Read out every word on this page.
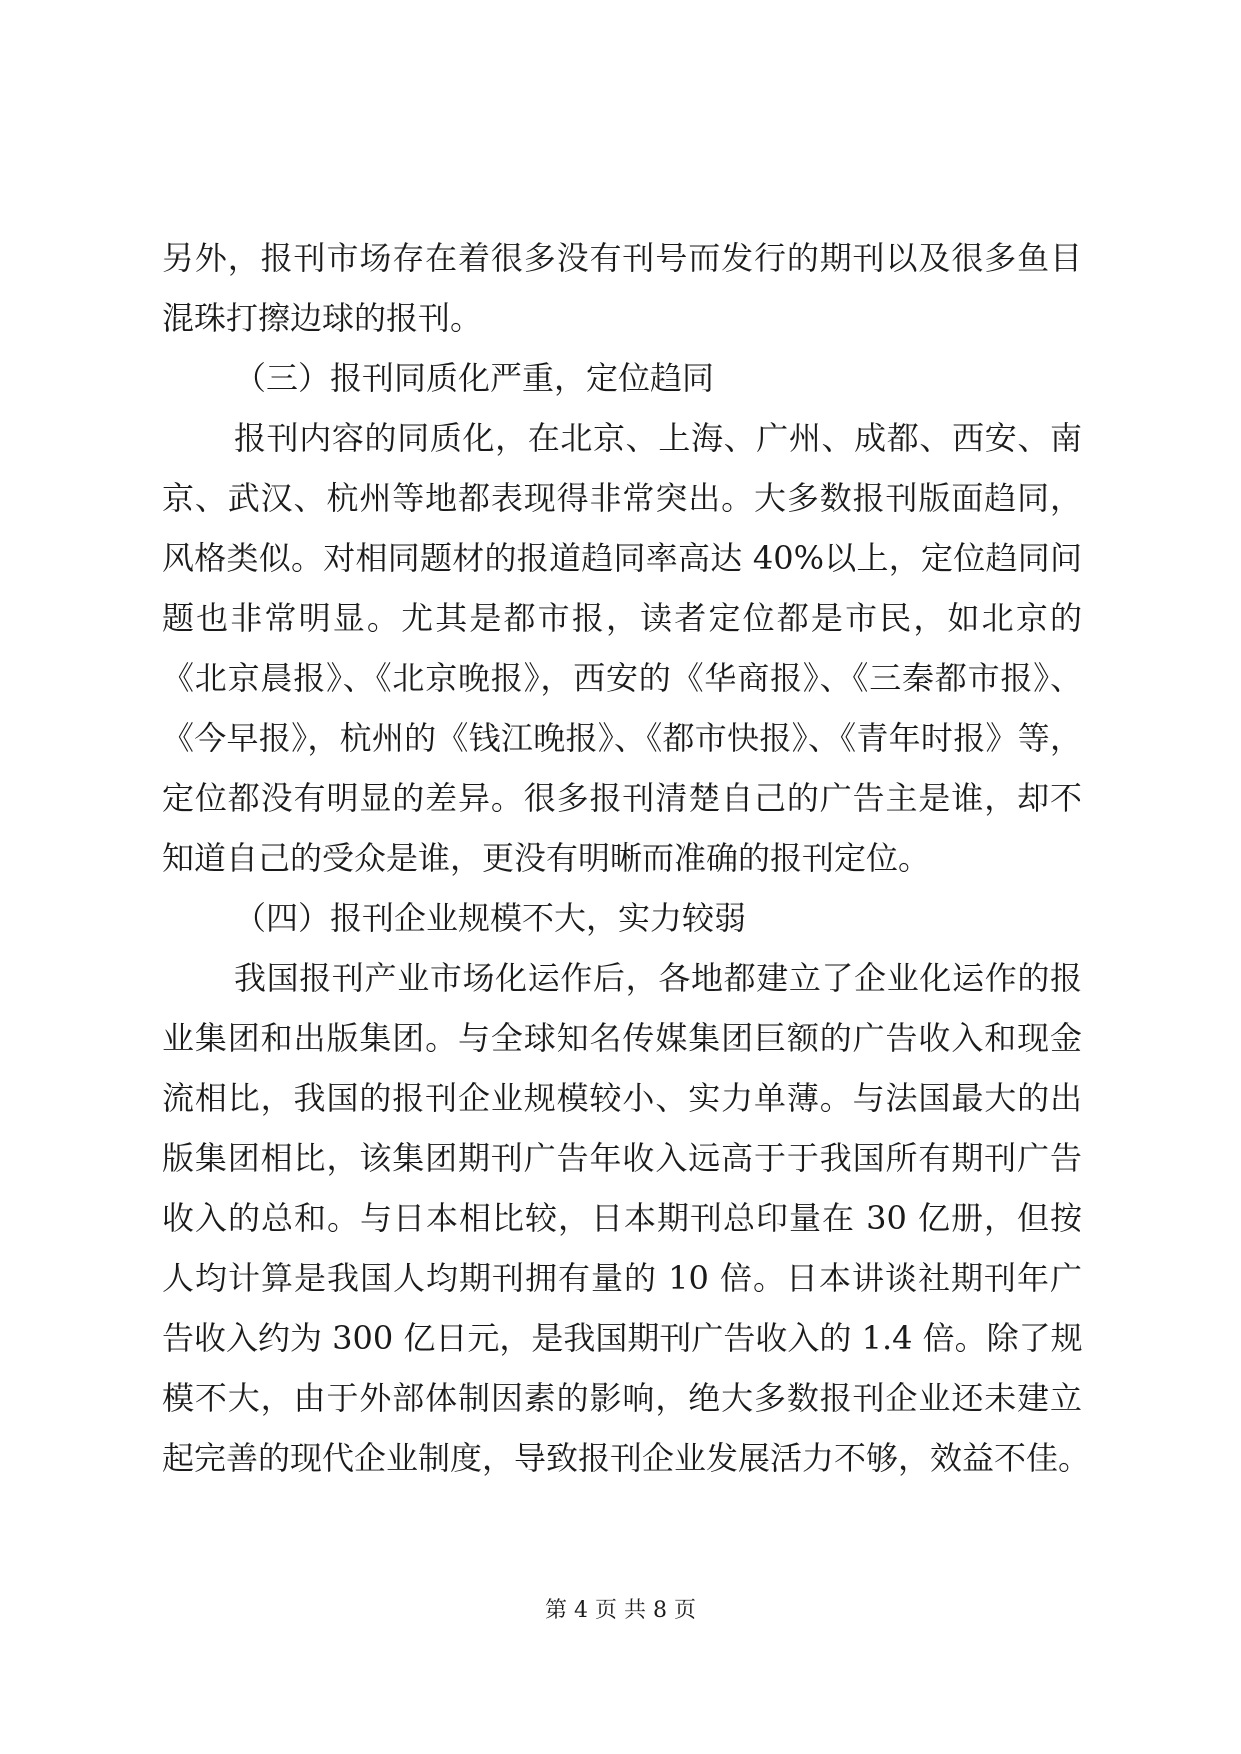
另外，报刊市场存在着很多没有刊号而发行的期刊以及很多鱼目
混珠打擦边球的报刊。
（三）报刊同质化严重，定位趋同
报刊内容的同质化，在北京、上海、广州、成都、西安、南
京、武汉、杭州等地都表现得非常突出。大多数报刊版面趋同，
风格类似。对相同题材的报道趋同率高达 40%以上，定位趋同问
题也非常明显。尤其是都市报，读者定位都是市民，如北京的
《北京晨报》、《北京晚报》，西安的《华商报》、《三秦都市报》、
《今早报》，杭州的《钱江晚报》、《都市快报》、《青年时报》等，
定位都没有明显的差异。很多报刊清楚自己的广告主是谁，却不
知道自己的受众是谁，更没有明晰而准确的报刊定位。
（四）报刊企业规模不大，实力较弱
我国报刊产业市场化运作后，各地都建立了企业化运作的报
业集团和出版集团。与全球知名传媒集团巨额的广告收入和现金
流相比，我国的报刊企业规模较小、实力单薄。与法国最大的出
版集团相比，该集团期刊广告年收入远高于于我国所有期刊广告
收入的总和。与日本相比较，日本期刊总印量在 30 亿册，但按
人均计算是我国人均期刊拥有量的 10 倍。日本讲谈社期刊年广
告收入约为 300 亿日元，是我国期刊广告收入的 1.4 倍。除了规
模不大，由于外部体制因素的影响，绝大多数报刊企业还未建立
起完善的现代企业制度，导致报刊企业发展活力不够，效益不佳。
第 4 页 共 8 页
